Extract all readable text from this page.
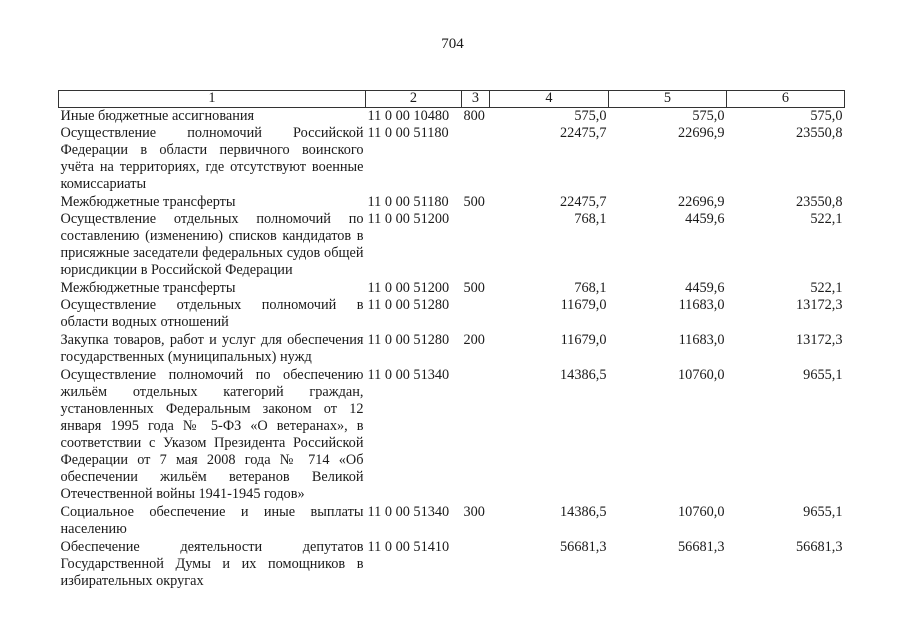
704
1	2	3	4	5	6
Иные бюджетные ассигнования	11 0 00 10480	800	575,0	575,0	575,0
Осуществление полномочий Российской Федерации в области первичного воинского учёта на территориях, где отсутствуют военные комиссариаты	11 0 00 51180		22475,7	22696,9	23550,8
Межбюджетные трансферты	11 0 00 51180	500	22475,7	22696,9	23550,8
Осуществление отдельных полномочий по составлению (изменению) списков кандидатов в присяжные заседатели федеральных судов общей юрисдикции в Российской Федерации	11 0 00 51200		768,1	4459,6	522,1
Межбюджетные трансферты	11 0 00 51200	500	768,1	4459,6	522,1
Осуществление отдельных полномочий в области водных отношений	11 0 00 51280		11679,0	11683,0	13172,3
Закупка товаров, работ и услуг для обеспечения государственных (муниципальных) нужд	11 0 00 51280	200	11679,0	11683,0	13172,3
Осуществление полномочий по обеспечению жильём отдельных категорий граждан, установленных Федеральным законом от 12 января 1995 года № 5-ФЗ «О ветеранах», в соответствии с Указом Президента Российской Федерации от 7 мая 2008 года № 714 «Об обеспечении жильём ветеранов Великой Отечественной войны 1941-1945 годов»	11 0 00 51340		14386,5	10760,0	9655,1
Социальное обеспечение и иные выплаты населению	11 0 00 51340	300	14386,5	10760,0	9655,1
Обеспечение деятельности депутатов Государственной Думы и их помощников в избирательных округах	11 0 00 51410		56681,3	56681,3	56681,3
